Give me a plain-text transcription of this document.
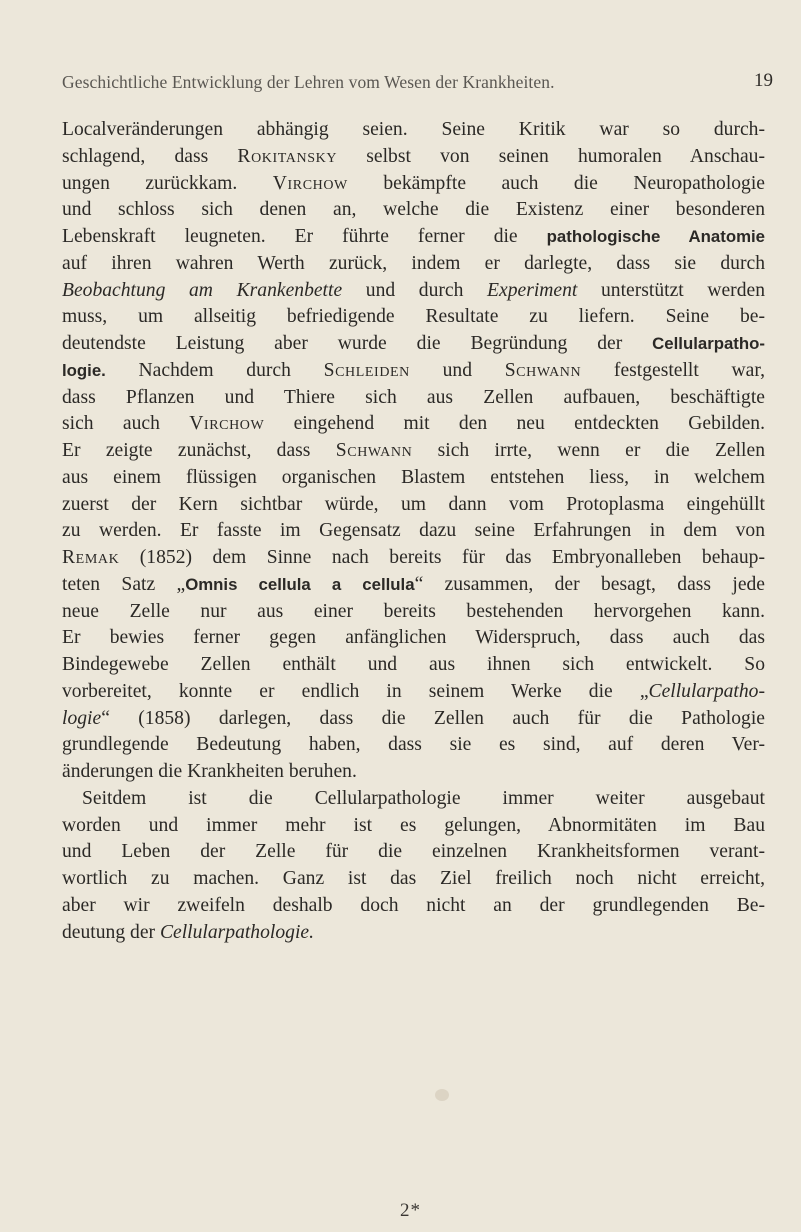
Geschichtliche Entwicklung der Lehren vom Wesen der Krankheiten.	19
Localveränderungen abhängig seien. Seine Kritik war so durch-
schlagend, dass Rokitansky selbst von seinen humoralen Anschau-
ungen zurückkam. Virchow bekämpfte auch die Neuropathologie
und schloss sich denen an, welche die Existenz einer besonderen
Lebenskraft leugneten. Er führte ferner die pathologische Anatomie
auf ihren wahren Werth zurück, indem er darlegte, dass sie durch
Beobachtung am Krankenbette und durch Experiment unterstützt werden
muss, um allseitig befriedigende Resultate zu liefern. Seine be-
deutendste Leistung aber wurde die Begründung der Cellularpatho-
logie. Nachdem durch Schleiden und Schwann festgestellt war,
dass Pflanzen und Thiere sich aus Zellen aufbauen, beschäftigte
sich auch Virchow eingehend mit den neu entdeckten Gebilden.
Er zeigte zunächst, dass Schwann sich irrte, wenn er die Zellen
aus einem flüssigen organischen Blastem entstehen liess, in welchem
zuerst der Kern sichtbar würde, um dann vom Protoplasma eingehüllt
zu werden. Er fasste im Gegensatz dazu seine Erfahrungen in dem von
Remak (1852) dem Sinne nach bereits für das Embryonalleben behaup-
teten Satz „Omnis cellula a cellula“ zusammen, der besagt, dass jede
neue Zelle nur aus einer bereits bestehenden hervorgehen kann.
Er bewies ferner gegen anfänglichen Widerspruch, dass auch das
Bindegewebe Zellen enthält und aus ihnen sich entwickelt. So
vorbereitet, konnte er endlich in seinem Werke die „Cellularpatho-
logie“ (1858) darlegen, dass die Zellen auch für die Pathologie
grundlegende Bedeutung haben, dass sie es sind, auf deren Ver-
änderungen die Krankheiten beruhen.
Seitdem ist die Cellularpathologie immer weiter ausgebaut
worden und immer mehr ist es gelungen, Abnormitäten im Bau
und Leben der Zelle für die einzelnen Krankheitsformen verant-
wortlich zu machen. Ganz ist das Ziel freilich noch nicht erreicht,
aber wir zweifeln deshalb doch nicht an der grundlegenden Be-
deutung der Cellularpathologie.
2*
